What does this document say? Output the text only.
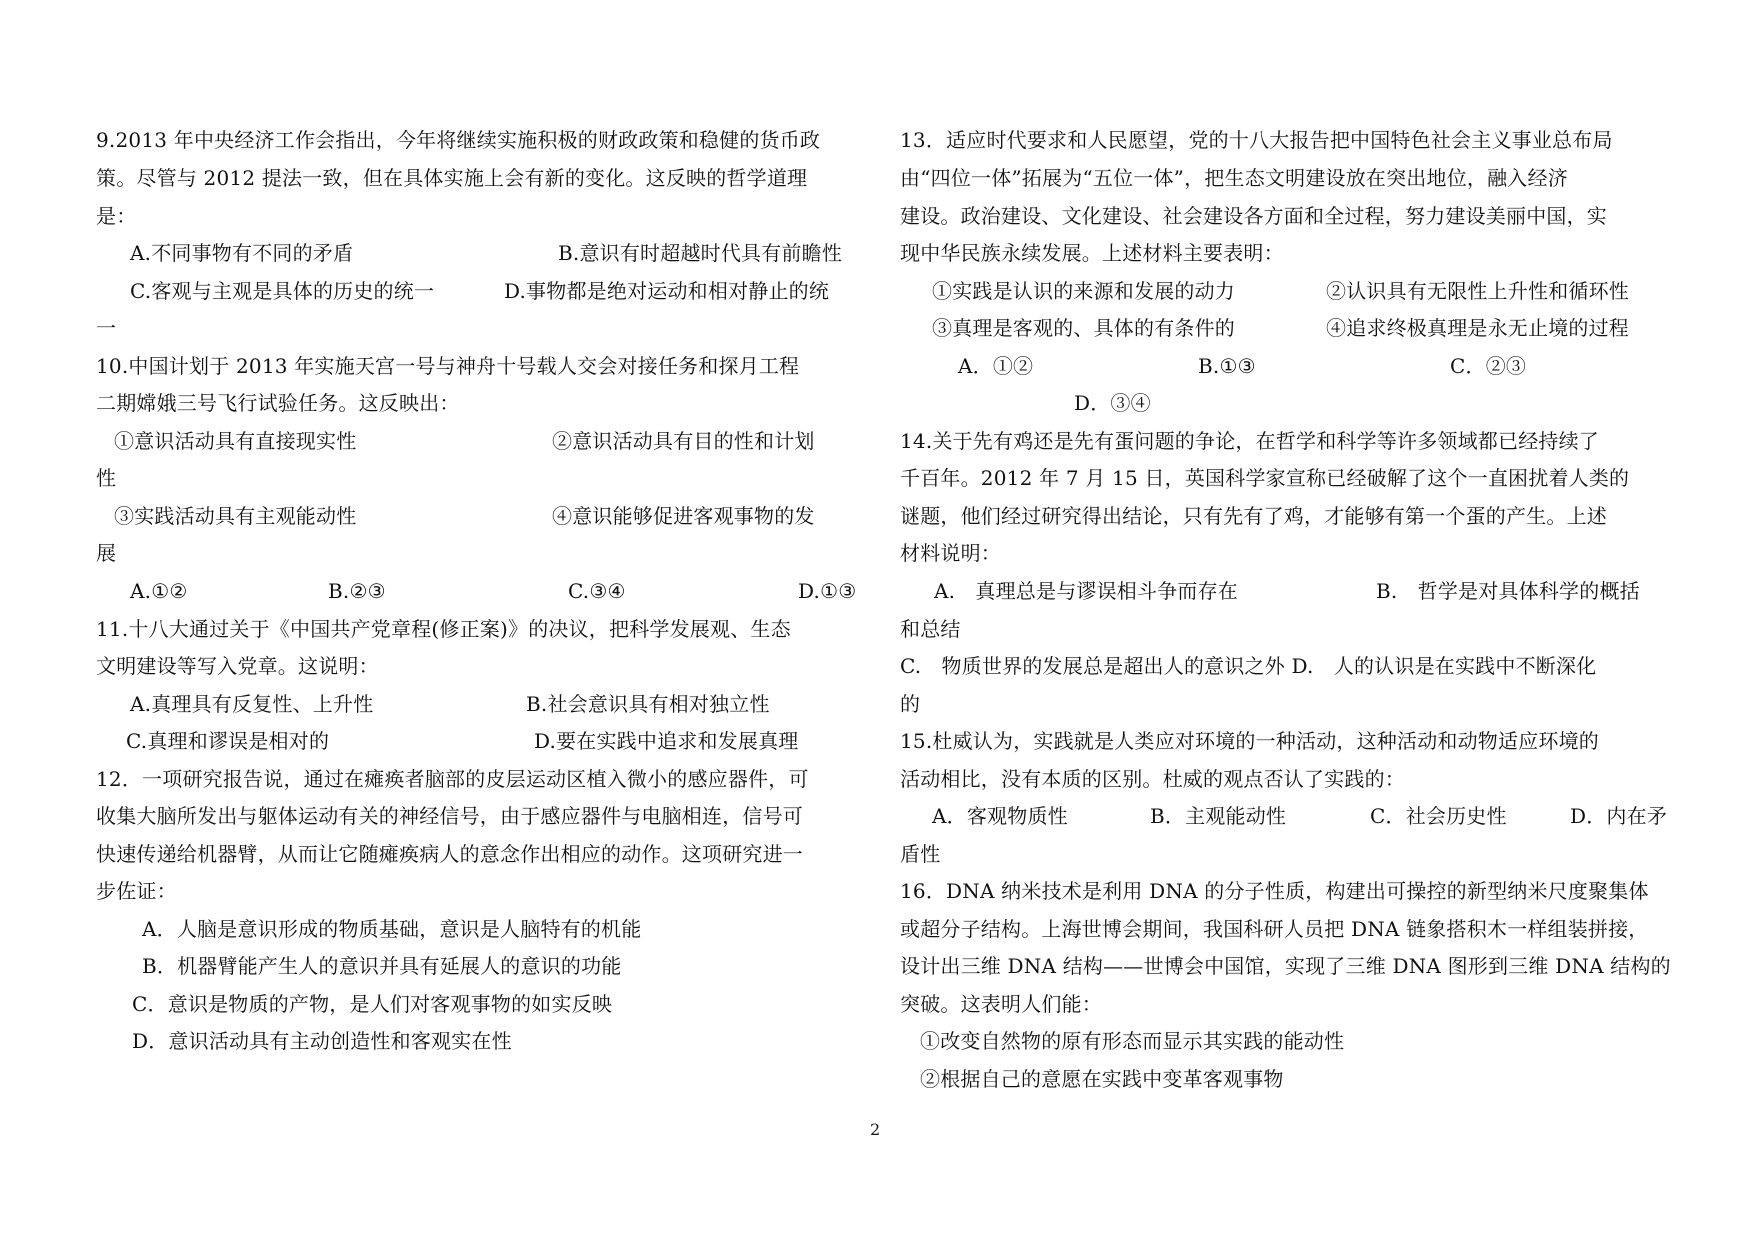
9.2013 年中央经济工作会指出，今年将继续实施积极的财政政策和稳健的货币政
策。尽管与 2012 提法一致，但在具体实施上会有新的变化。这反映的哲学道理
是：
A.不同事物有不同的矛盾	B.意识有时超越时代具有前瞻性
C.客观与主观是具体的历史的统一	D.事物都是绝对运动和相对静止的统
一
10.中国计划于 2013 年实施天宫一号与神舟十号载人交会对接任务和探月工程
二期嫦娥三号飞行试验任务。这反映出：
①意识活动具有直接现实性	②意识活动具有目的性和计划
性
③实践活动具有主观能动性	④意识能够促进客观事物的发
展
A.①②	B.②③	C.③④	D.①③
11.十八大通过关于《中国共产党章程(修正案)》的决议，把科学发展观、生态
文明建设等写入党章。这说明：
A.真理具有反复性、上升性	B.社会意识具有相对独立性
C.真理和谬误是相对的	D.要在实践中追求和发展真理
12．一项研究报告说，通过在瘫痪者脑部的皮层运动区植入微小的感应器件，可
收集大脑所发出与躯体运动有关的神经信号，由于感应器件与电脑相连，信号可
快速传递给机器臂，从而让它随瘫痪病人的意念作出相应的动作。这项研究进一
步佐证：
A．人脑是意识形成的物质基础，意识是人脑特有的机能
B．机器臂能产生人的意识并具有延展人的意识的功能
C．意识是物质的产物，是人们对客观事物的如实反映
D．意识活动具有主动创造性和客观实在性
13．适应时代要求和人民愿望，党的十八大报告把中国特色社会主义事业总布局
由“四位一体”拓展为“五位一体”，把生态文明建设放在突出地位，融入经济
建设。政治建设、文化建设、社会建设各方面和全过程，努力建设美丽中国，实
现中华民族永续发展。上述材料主要表明：
①实践是认识的来源和发展的动力	②认识具有无限性上升性和循环性
③真理是客观的、具体的有条件的	④追求终极真理是永无止境的过程
A．①②	B.①③	C．②③
D．③④
14.关于先有鸡还是先有蛋问题的争论，在哲学和科学等许多领域都已经持续了
千百年。2012 年 7 月 15 日，英国科学家宣称已经破解了这个一直困扰着人类的
谜题，他们经过研究得出结论，只有先有了鸡，才能够有第一个蛋的产生。上述
材料说明：
A.　真理总是与谬误相斗争而存在	B.　哲学是对具体科学的概括
和总结
C.　物质世界的发展总是超出人的意识之外 D.　人的认识是在实践中不断深化
的
15.杜威认为，实践就是人类应对环境的一种活动，这种活动和动物适应环境的
活动相比，没有本质的区别。杜威的观点否认了实践的：
A．客观物质性	B．主观能动性	C．社会历史性	D．内在矛
盾性
16．DNA 纳米技术是利用 DNA 的分子性质，构建出可操控的新型纳米尺度聚集体
或超分子结构。上海世博会期间，我国科研人员把 DNA 链象搭积木一样组装拼接，
设计出三维 DNA 结构——世博会中国馆，实现了三维 DNA 图形到三维 DNA 结构的
突破。这表明人们能：
①改变自然物的原有形态而显示其实践的能动性
②根据自己的意愿在实践中变革客观事物
2
